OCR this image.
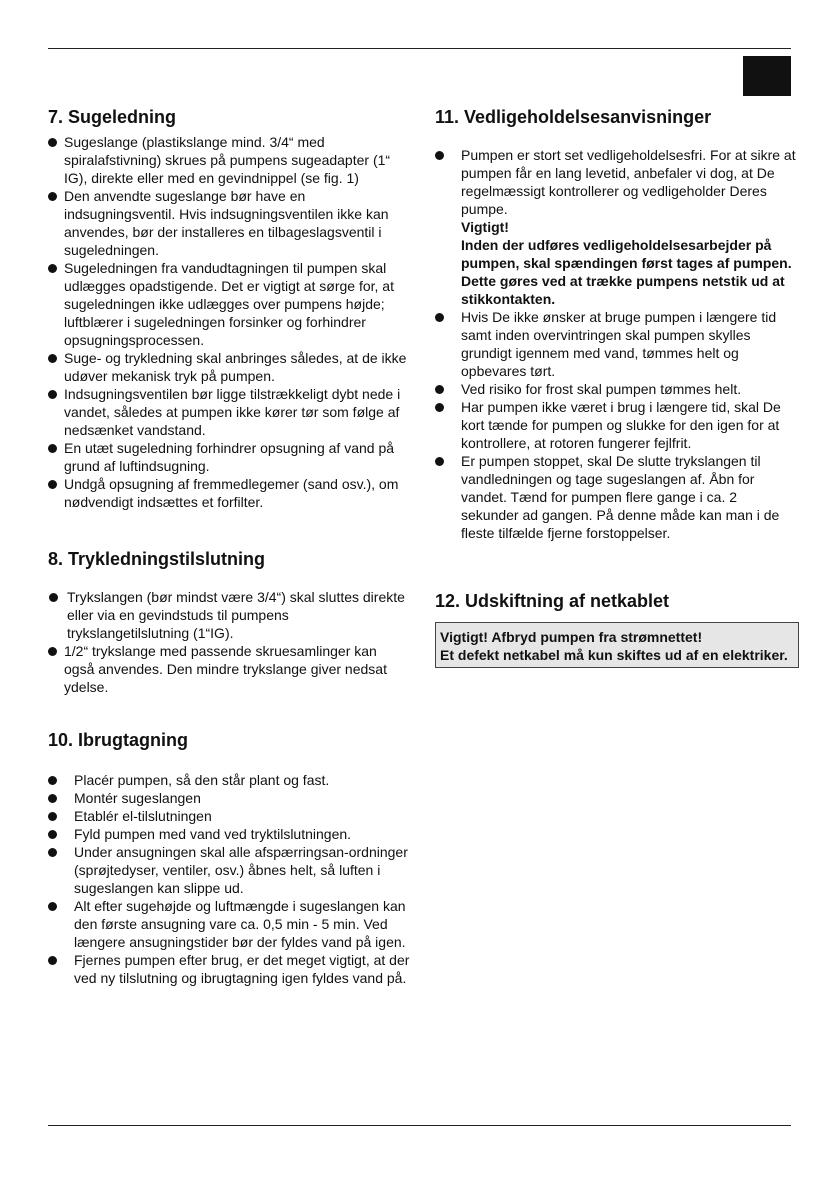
7. Sugeledning
Sugeslange (plastikslange mind. 3/4“ med spiralafstivning) skrues på pumpens sugeadapter (1“ IG), direkte eller med en gevindnippel (se fig. 1)
Den anvendte sugeslange bør have en indsugningsventil. Hvis indsugningsventilen ikke kan anvendes, bør der installeres en tilbageslagsventil i sugeledningen.
Sugeledningen fra vandudtagningen til pumpen skal udlægges opadstigende. Det er vigtigt at sørge for, at sugeledningen ikke udlægges over pumpens højde; luftblærer i sugeledningen forsinker og forhindrer opsugningsprocessen.
Suge- og trykledning skal anbringes således, at de ikke udøver mekanisk tryk på pumpen.
Indsugningsventilen bør ligge tilstrækkeligt dybt nede i vandet, således at pumpen ikke kører tør som følge af nedsænket vandstand.
En utæt sugeledning forhindrer opsugning af vand på grund af luftindsugning.
Undgå opsugning af fremmedlegemer (sand osv.), om nødvendigt indsættes et forfilter.
8. Trykledningstilslutning
Trykslangen (bør mindst være 3/4“) skal sluttes direkte eller via en gevindstuds til pumpens trykslangetilslutning (1“IG).
1/2“ trykslange med passende skruesamlinger kan også anvendes. Den mindre trykslange giver nedsat ydelse.
10. Ibrugtagning
Placér pumpen, så den står plant og fast.
Montér sugeslangen
Etablér el-tilslutningen
Fyld pumpen med vand ved tryktilslutningen.
Under ansugningen skal alle afspærringsan-ordninger (sprøjtedyser, ventiler, osv.) åbnes helt, så luften i sugeslangen kan slippe ud.
Alt efter sugehøjde og luftmængde i sugeslangen kan den første ansugning vare ca. 0,5 min - 5 min. Ved længere ansugningstider bør der fyldes vand på igen.
Fjernes pumpen efter brug, er det meget vigtigt, at der ved ny tilslutning og ibrugtagning igen fyldes vand på.
11. Vedligeholdelsesanvisninger
Pumpen er stort set vedligeholdelsesfri. For at sikre at pumpen får en lang levetid, anbefaler vi dog, at De regelmæssigt kontrollerer og vedligeholder Deres pumpe.
Vigtigt!
Inden der udføres vedligeholdelsesarbejder på pumpen, skal spændingen først tages af pumpen. Dette gøres ved at trække pumpens netstik ud at stikkontakten.
Hvis De ikke ønsker at bruge pumpen i længere tid samt inden overvintringen skal pumpen skylles grundigt igennem med vand, tømmes helt og opbevares tørt.
Ved risiko for frost skal pumpen tømmes helt.
Har pumpen ikke været i brug i længere tid, skal De kort tænde for pumpen og slukke for den igen for at kontrollere, at rotoren fungerer fejlfrit.
Er pumpen stoppet, skal De slutte trykslangen til vandledningen og tage sugeslangen af. Åbn for vandet. Tænd for pumpen flere gange i ca. 2 sekunder ad gangen. På denne måde kan man i de fleste tilfælde fjerne forstoppelser.
12. Udskiftning af netkablet
Vigtigt! Afbryd pumpen fra strømnettet!
Et defekt netkabel må kun skiftes ud af en elektriker.
